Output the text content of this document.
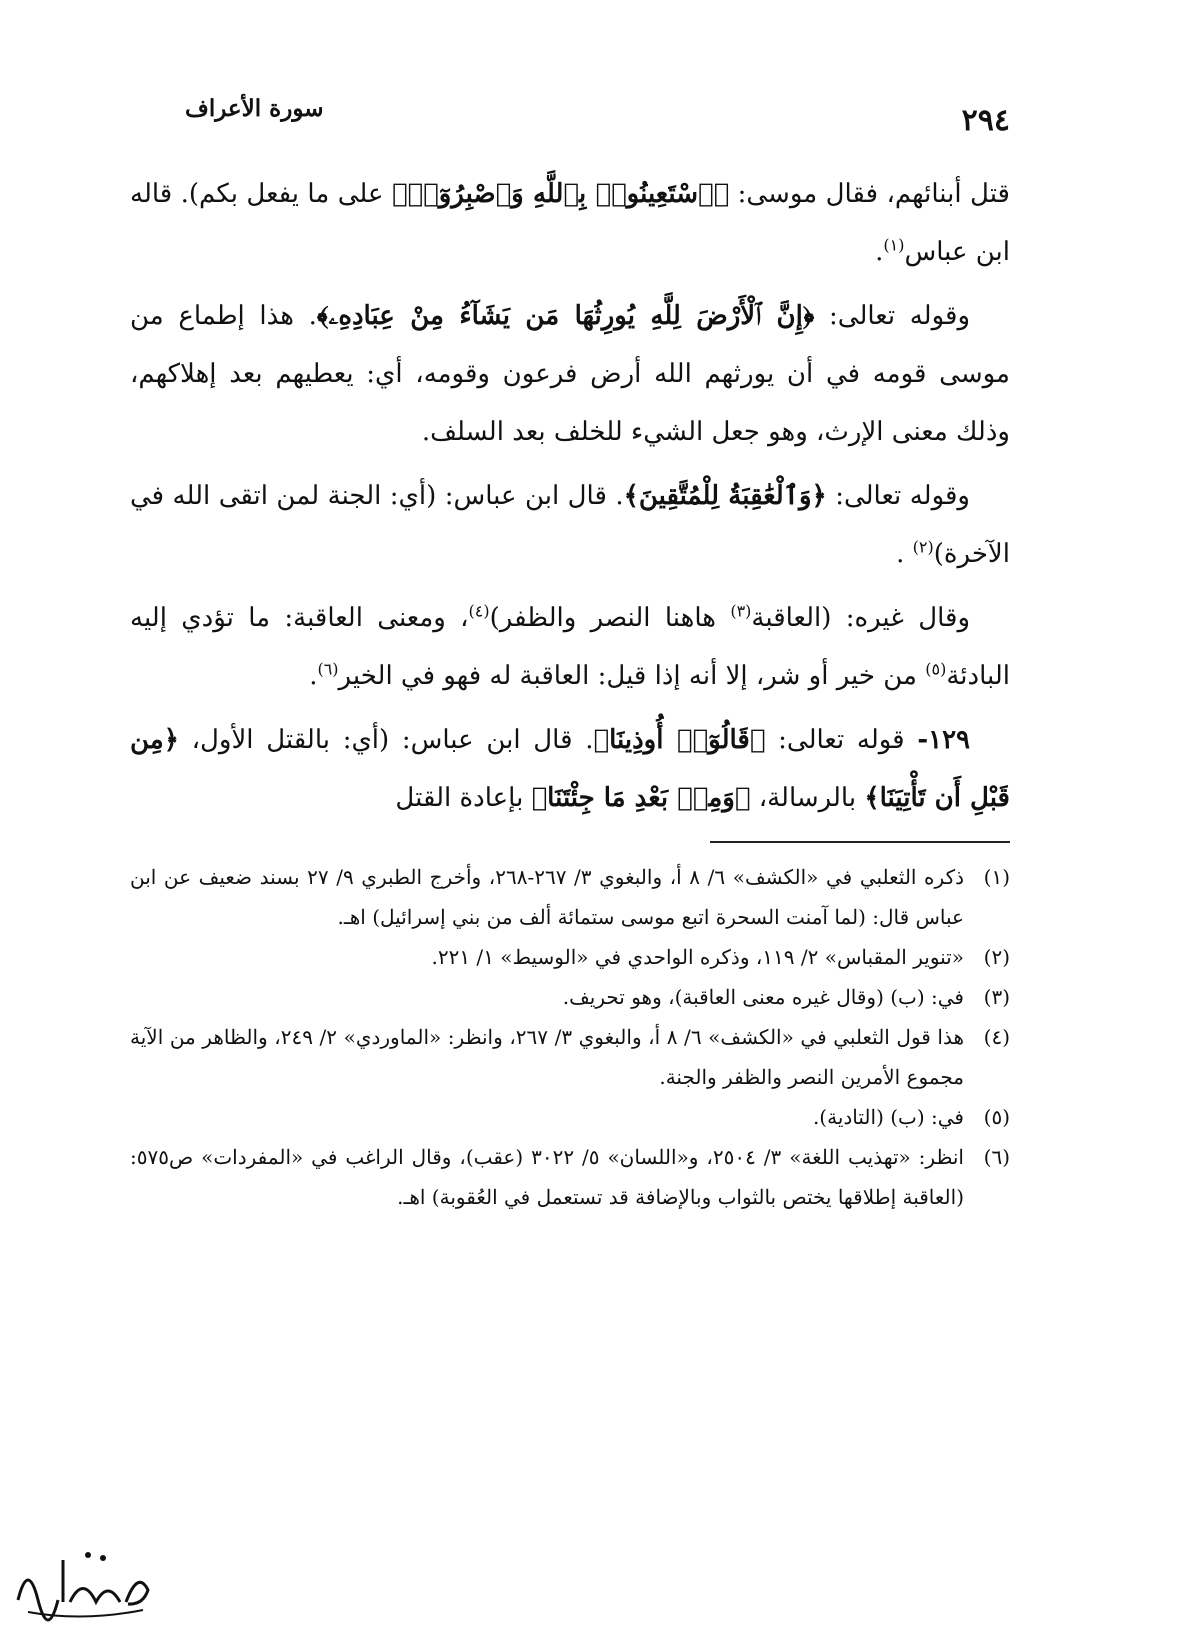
٢٩٤
سورة الأعراف

قتل أبنائهم، فقال موسى: ﴿ٱسْتَعِينُوا۟ بِٱللَّهِ وَٱصْبِرُوٓا۟﴾ على ما يفعل بكم). قاله ابن عباس$^{(١)}$.

وقوله تعالى: ﴿إِنَّ ٱلْأَرْضَ لِلَّهِ يُورِثُهَا مَن يَشَآءُ مِنْ عِبَادِهِۦ﴾. هذا إطماع من موسى قومه في أن يورثهم الله أرض فرعون وقومه، أي: يعطيهم بعد إهلاكهم، وذلك معنى الإرث، وهو جعل الشيء للخلف بعد السلف.

وقوله تعالى: ﴿وَٱلْعَٰقِبَةُ لِلْمُتَّقِينَ﴾. قال ابن عباس: (أي: الجنة لمن اتقى الله في الآخرة)$^{(٢)}$ .

وقال غيره: (العاقبة$^{(٣)}$ هاهنا النصر والظفر)$^{(٤)}$، ومعنى العاقبة: ما تؤدي إليه البادئة$^{(٥)}$ من خير أو شر، إلا أنه إذا قيل: العاقبة له فهو في الخير$^{(٦)}$.

١٢٩- قوله تعالى: ﴿قَالُوٓا۟ أُوذِينَا﴾. قال ابن عباس: (أي: بالقتل الأول، ﴿مِن قَبْلِ أَن تَأْتِيَنَا﴾ بالرسالة، ﴿وَمِنۢ بَعْدِ مَا جِئْتَنَا﴾ بإعادة القتل

(١)
ذكره الثعلبي في «الكشف» ٦/ ٨ أ، والبغوي ٣/ ٢٦٧-٢٦٨، وأخرج الطبري ٩/ ٢٧ بسند ضعيف عن ابن عباس قال: (لما آمنت السحرة اتبع موسى ستمائة ألف من بني إسرائيل) اهـ.
(٢)
«تنوير المقباس» ٢/ ١١٩، وذكره الواحدي في «الوسيط» ١/ ٢٢١.
(٣)
في: (ب) (وقال غيره معنى العاقبة)، وهو تحريف.
(٤)
هذا قول الثعلبي في «الكشف» ٦/ ٨ أ، والبغوي ٣/ ٢٦٧، وانظر: «الماوردي» ٢/ ٢٤٩، والظاهر من الآية مجموع الأمرين النصر والظفر والجنة.
(٥)
في: (ب) (التادية).
(٦)
انظر: «تهذيب اللغة» ٣/ ٢٥٠٤، و«اللسان» ٥/ ٣٠٢٢ (عقب)، وقال الراغب في «المفردات» ص٥٧٥: (العاقبة إطلاقها يختص بالثواب وبالإضافة قد تستعمل في العُقوبة) اهـ.
